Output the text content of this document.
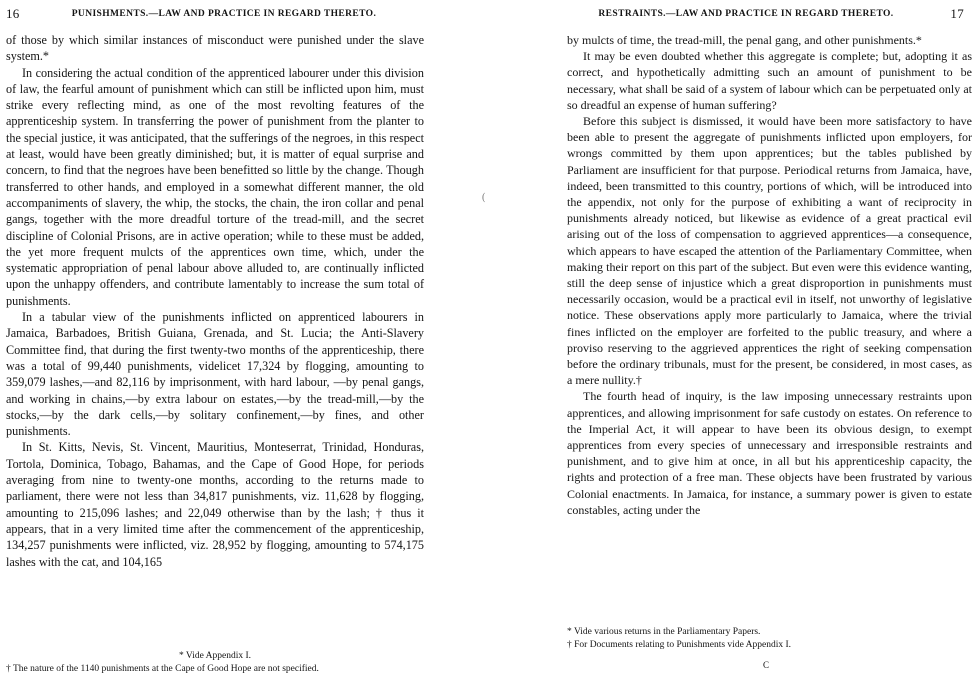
16	PUNISHMENTS.—LAW AND PRACTICE IN REGARD THERETO.

of those by which similar instances of misconduct were punished under the slave system.*

In considering the actual condition of the apprenticed labourer under this division of law, the fearful amount of punishment which can still be inflicted upon him, must strike every reflecting mind, as one of the most revolting features of the apprenticeship system. In transferring the power of punishment from the planter to the special justice, it was anticipated, that the sufferings of the negroes, in this respect at least, would have been greatly diminished; but, it is matter of equal surprise and concern, to find that the negroes have been benefitted so little by the change. Though transferred to other hands, and employed in a somewhat different manner, the old accompaniments of slavery, the whip, the stocks, the chain, the iron collar and penal gangs, together with the more dreadful torture of the tread-mill, and the secret discipline of Colonial Prisons, are in active operation; while to these must be added, the yet more frequent mulcts of the apprentices own time, which, under the systematic appropriation of penal labour above alluded to, are continually inflicted upon the unhappy offenders, and contribute lamentably to increase the sum total of punishments.

In a tabular view of the punishments inflicted on apprenticed labourers in Jamaica, Barbadoes, British Guiana, Grenada, and St. Lucia; the Anti-Slavery Committee find, that during the first twenty-two months of the apprenticeship, there was a total of 99,440 punishments, videlicet 17,324 by flogging, amounting to 359,079 lashes,—and 82,116 by imprisonment, with hard labour, —by penal gangs, and working in chains,—by extra labour on estates,—by the tread-mill,—by the stocks,—by the dark cells,—by solitary confinement,—by fines, and other punishments.

In St. Kitts, Nevis, St. Vincent, Mauritius, Monteserrat, Trinidad, Honduras, Tortola, Dominica, Tobago, Bahamas, and the Cape of Good Hope, for periods averaging from nine to twenty-one months, according to the returns made to parliament, there were not less than 34,817 punishments, viz. 11,628 by flogging, amounting to 215,096 lashes; and 22,049 otherwise than by the lash; † thus it appears, that in a very limited time after the commencement of the apprenticeship, 134,257 punishments were inflicted, viz. 28,952 by flogging, amounting to 574,175 lashes with the cat, and 104,165

* Vide Appendix I.

† The nature of the 1140 punishments at the Cape of Good Hope are not specified.

(
RESTRAINTS.—LAW AND PRACTICE IN REGARD THERETO.	17

by mulcts of time, the tread-mill, the penal gang, and other punishments.*

It may be even doubted whether this aggregate is complete; but, adopting it as correct, and hypothetically admitting such an amount of punishment to be necessary, what shall be said of a system of labour which can be perpetuated only at so dreadful an expense of human suffering?

Before this subject is dismissed, it would have been more satisfactory to have been able to present the aggregate of punishments inflicted upon employers, for wrongs committed by them upon apprentices; but the tables published by Parliament are insufficient for that purpose. Periodical returns from Jamaica, have, indeed, been transmitted to this country, portions of which, will be introduced into the appendix, not only for the purpose of exhibiting a want of reciprocity in punishments already noticed, but likewise as evidence of a great practical evil arising out of the loss of compensation to aggrieved apprentices—a consequence, which appears to have escaped the attention of the Parliamentary Committee, when making their report on this part of the subject. But even were this evidence wanting, still the deep sense of injustice which a great disproportion in punishments must necessarily occasion, would be a practical evil in itself, not unworthy of legislative notice. These observations apply more particularly to Jamaica, where the trivial fines inflicted on the employer are forfeited to the public treasury, and where a proviso reserving to the aggrieved apprentices the right of seeking compensation before the ordinary tribunals, must for the present, be considered, in most cases, as a mere nullity.†

The fourth head of inquiry, is the law imposing unnecessary restraints upon apprentices, and allowing imprisonment for safe custody on estates. On reference to the Imperial Act, it will appear to have been its obvious design, to exempt apprentices from every species of unnecessary and irresponsible restraints and punishment, and to give him at once, in all but his apprenticeship capacity, the rights and protection of a free man. These objects have been frustrated by various Colonial enactments. In Jamaica, for instance, a summary power is given to estate constables, acting under the

* Vide various returns in the Parliamentary Papers.

† For Documents relating to Punishments vide Appendix I.

C
